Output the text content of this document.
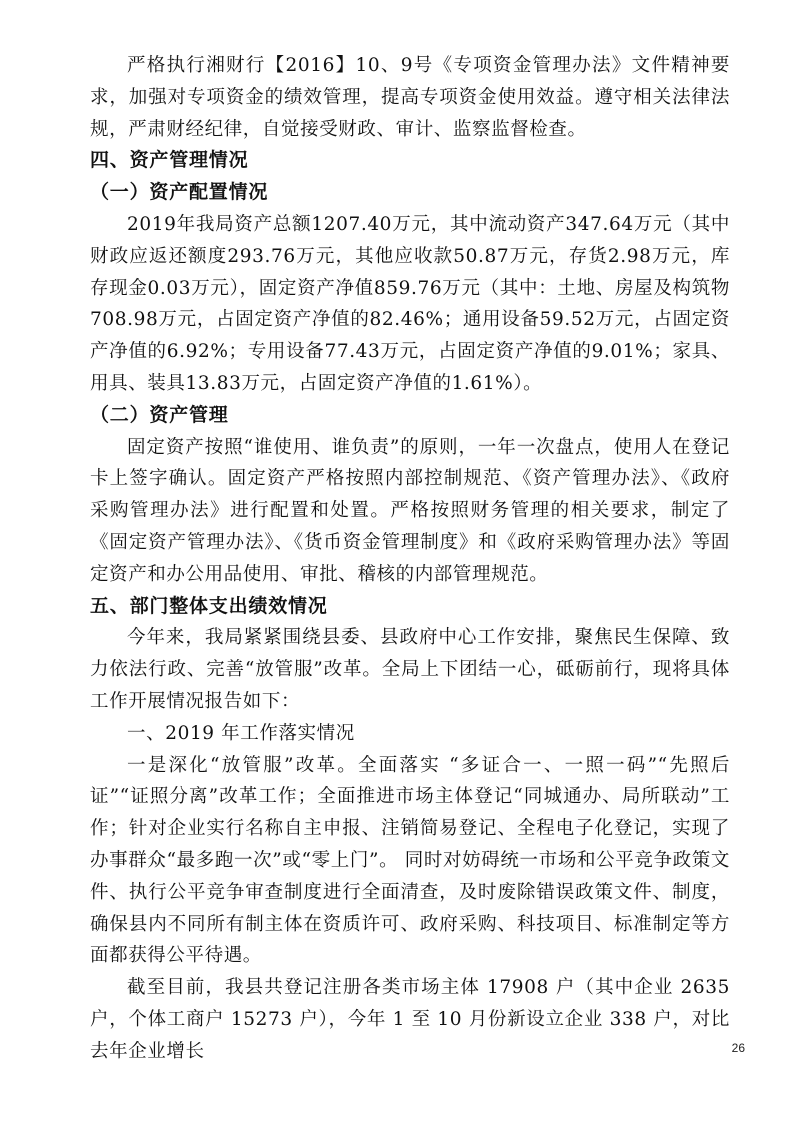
严格执行湘财行【2016】10、9号《专项资金管理办法》文件精神要求，加强对专项资金的绩效管理，提高专项资金使用效益。遵守相关法律法规，严肃财经纪律，自觉接受财政、审计、监察监督检查。

四、资产管理情况

（一）资产配置情况

2019年我局资产总额1207.40万元，其中流动资产347.64万元（其中财政应返还额度293.76万元，其他应收款50.87万元，存货2.98万元，库存现金0.03万元），固定资产净值859.76万元（其中：土地、房屋及构筑物708.98万元，占固定资产净值的82.46%；通用设备59.52万元，占固定资产净值的6.92%；专用设备77.43万元，占固定资产净值的9.01%；家具、用具、装具13.83万元，占固定资产净值的1.61%）。

（二）资产管理

固定资产按照“谁使用、谁负责”的原则，一年一次盘点，使用人在登记卡上签字确认。固定资产严格按照内部控制规范、《资产管理办法》、《政府采购管理办法》进行配置和处置。严格按照财务管理的相关要求，制定了《固定资产管理办法》、《货币资金管理制度》和《政府采购管理办法》等固定资产和办公用品使用、审批、稽核的内部管理规范。

五、部门整体支出绩效情况

今年来，我局紧紧围绕县委、县政府中心工作安排，聚焦民生保障、致力依法行政、完善“放管服”改革。全局上下团结一心，砥砺前行，现将具体工作开展情况报告如下：

一、2019 年工作落实情况

一是深化“放管服”改革。全面落实 “多证合一、一照一码”“先照后证”“证照分离”改革工作；全面推进市场主体登记“同城通办、局所联动”工作；针对企业实行名称自主申报、注销简易登记、全程电子化登记，实现了办事群众“最多跑一次”或“零上门”。 同时对妨碍统一市场和公平竞争政策文件、执行公平竞争审查制度进行全面清查，及时废除错误政策文件、制度，确保县内不同所有制主体在资质许可、政府采购、科技项目、标准制定等方面都获得公平待遇。

截至目前，我县共登记注册各类市场主体 17908 户（其中企业 2635 户，个体工商户 15273 户），今年 1 至 10 月份新设立企业 338 户，对比去年企业增长	26
